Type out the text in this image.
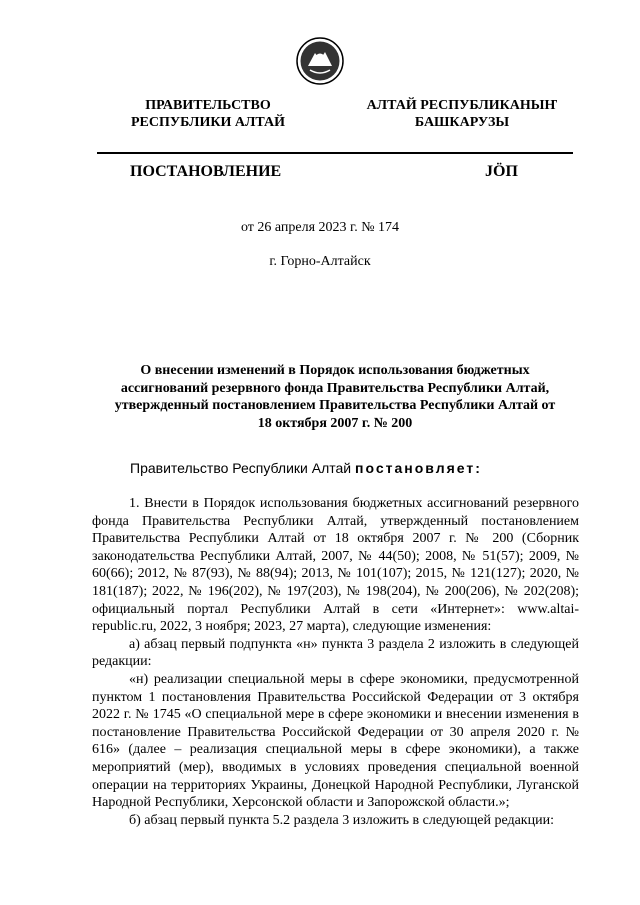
ПРАВИТЕЛЬСТВО
РЕСПУБЛИКИ АЛТАЙ
АЛТАЙ РЕСПУБЛИКАНЫҤ
БАШКАРУЗЫ
ПОСТАНОВЛЕНИЕ	JӦП
от 26 апреля 2023 г. № 174
г. Горно-Алтайск
О внесении изменений в Порядок использования бюджетных ассигнований резервного фонда Правительства Республики Алтай, утвержденный постановлением Правительства Республики Алтай от 18 октября 2007 г. № 200
Правительство Республики Алтай постановляет:

1. Внести в Порядок использования бюджетных ассигнований резервного фонда Правительства Республики Алтай, утвержденный постановлением Правительства Республики Алтай от 18 октября 2007 г. № 200 (Сборник законодательства Республики Алтай, 2007, № 44(50); 2008, № 51(57); 2009, № 60(66); 2012, № 87(93), № 88(94); 2013, № 101(107); 2015, № 121(127); 2020, № 181(187); 2022, № 196(202), № 197(203), № 198(204), № 200(206), № 202(208); официальный портал Республики Алтай в сети «Интернет»: www.altai-republic.ru, 2022, 3 ноября; 2023, 27 марта), следующие изменения:

а) абзац первый подпункта «н» пункта 3 раздела 2 изложить в следующей редакции:

«н) реализации специальной меры в сфере экономики, предусмотренной пунктом 1 постановления Правительства Российской Федерации от 3 октября 2022 г. № 1745 «О специальной мере в сфере экономики и внесении изменения в постановление Правительства Российской Федерации от 30 апреля 2020 г. № 616» (далее – реализация специальной меры в сфере экономики), а также мероприятий (мер), вводимых в условиях проведения специальной военной операции на территориях Украины, Донецкой Народной Республики, Луганской Народной Республики, Херсонской области и Запорожской области.»;

б) абзац первый пункта 5.2 раздела 3 изложить в следующей редакции:
